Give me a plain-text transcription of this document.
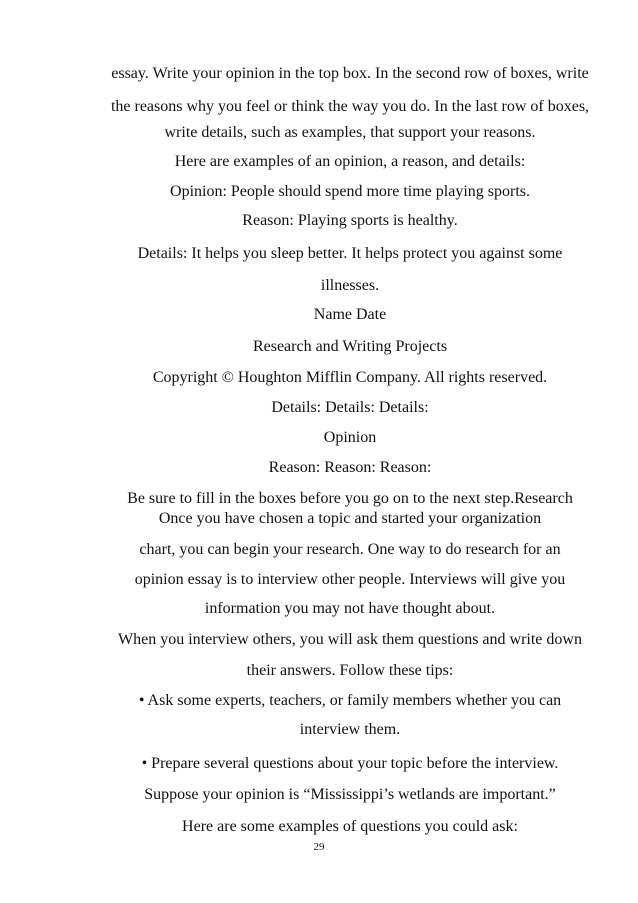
essay. Write your opinion in the top box. In the second row of boxes, write
the reasons why you feel or think the way you do. In the last row of boxes,
write details, such as examples, that support your reasons.
Here are examples of an opinion, a reason, and details:
Opinion: People should spend more time playing sports.
Reason: Playing sports is healthy.
Details: It helps you sleep better. It helps protect you against some
illnesses.
Name Date
Research and Writing Projects
Copyright © Houghton Mifflin Company. All rights reserved.
Details: Details: Details:
Opinion
Reason: Reason: Reason:
Be sure to fill in the boxes before you go on to the next step.Research
Once you have chosen a topic and started your organization
chart, you can begin your research. One way to do research for an
opinion essay is to interview other people. Interviews will give you
information you may not have thought about.
When you interview others, you will ask them questions and write down
their answers. Follow these tips:
• Ask some experts, teachers, or family members whether you can
interview them.
• Prepare several questions about your topic before the interview.
Suppose your opinion is “Mississippi’s wetlands are important.”
Here are some examples of questions you could ask:
29
